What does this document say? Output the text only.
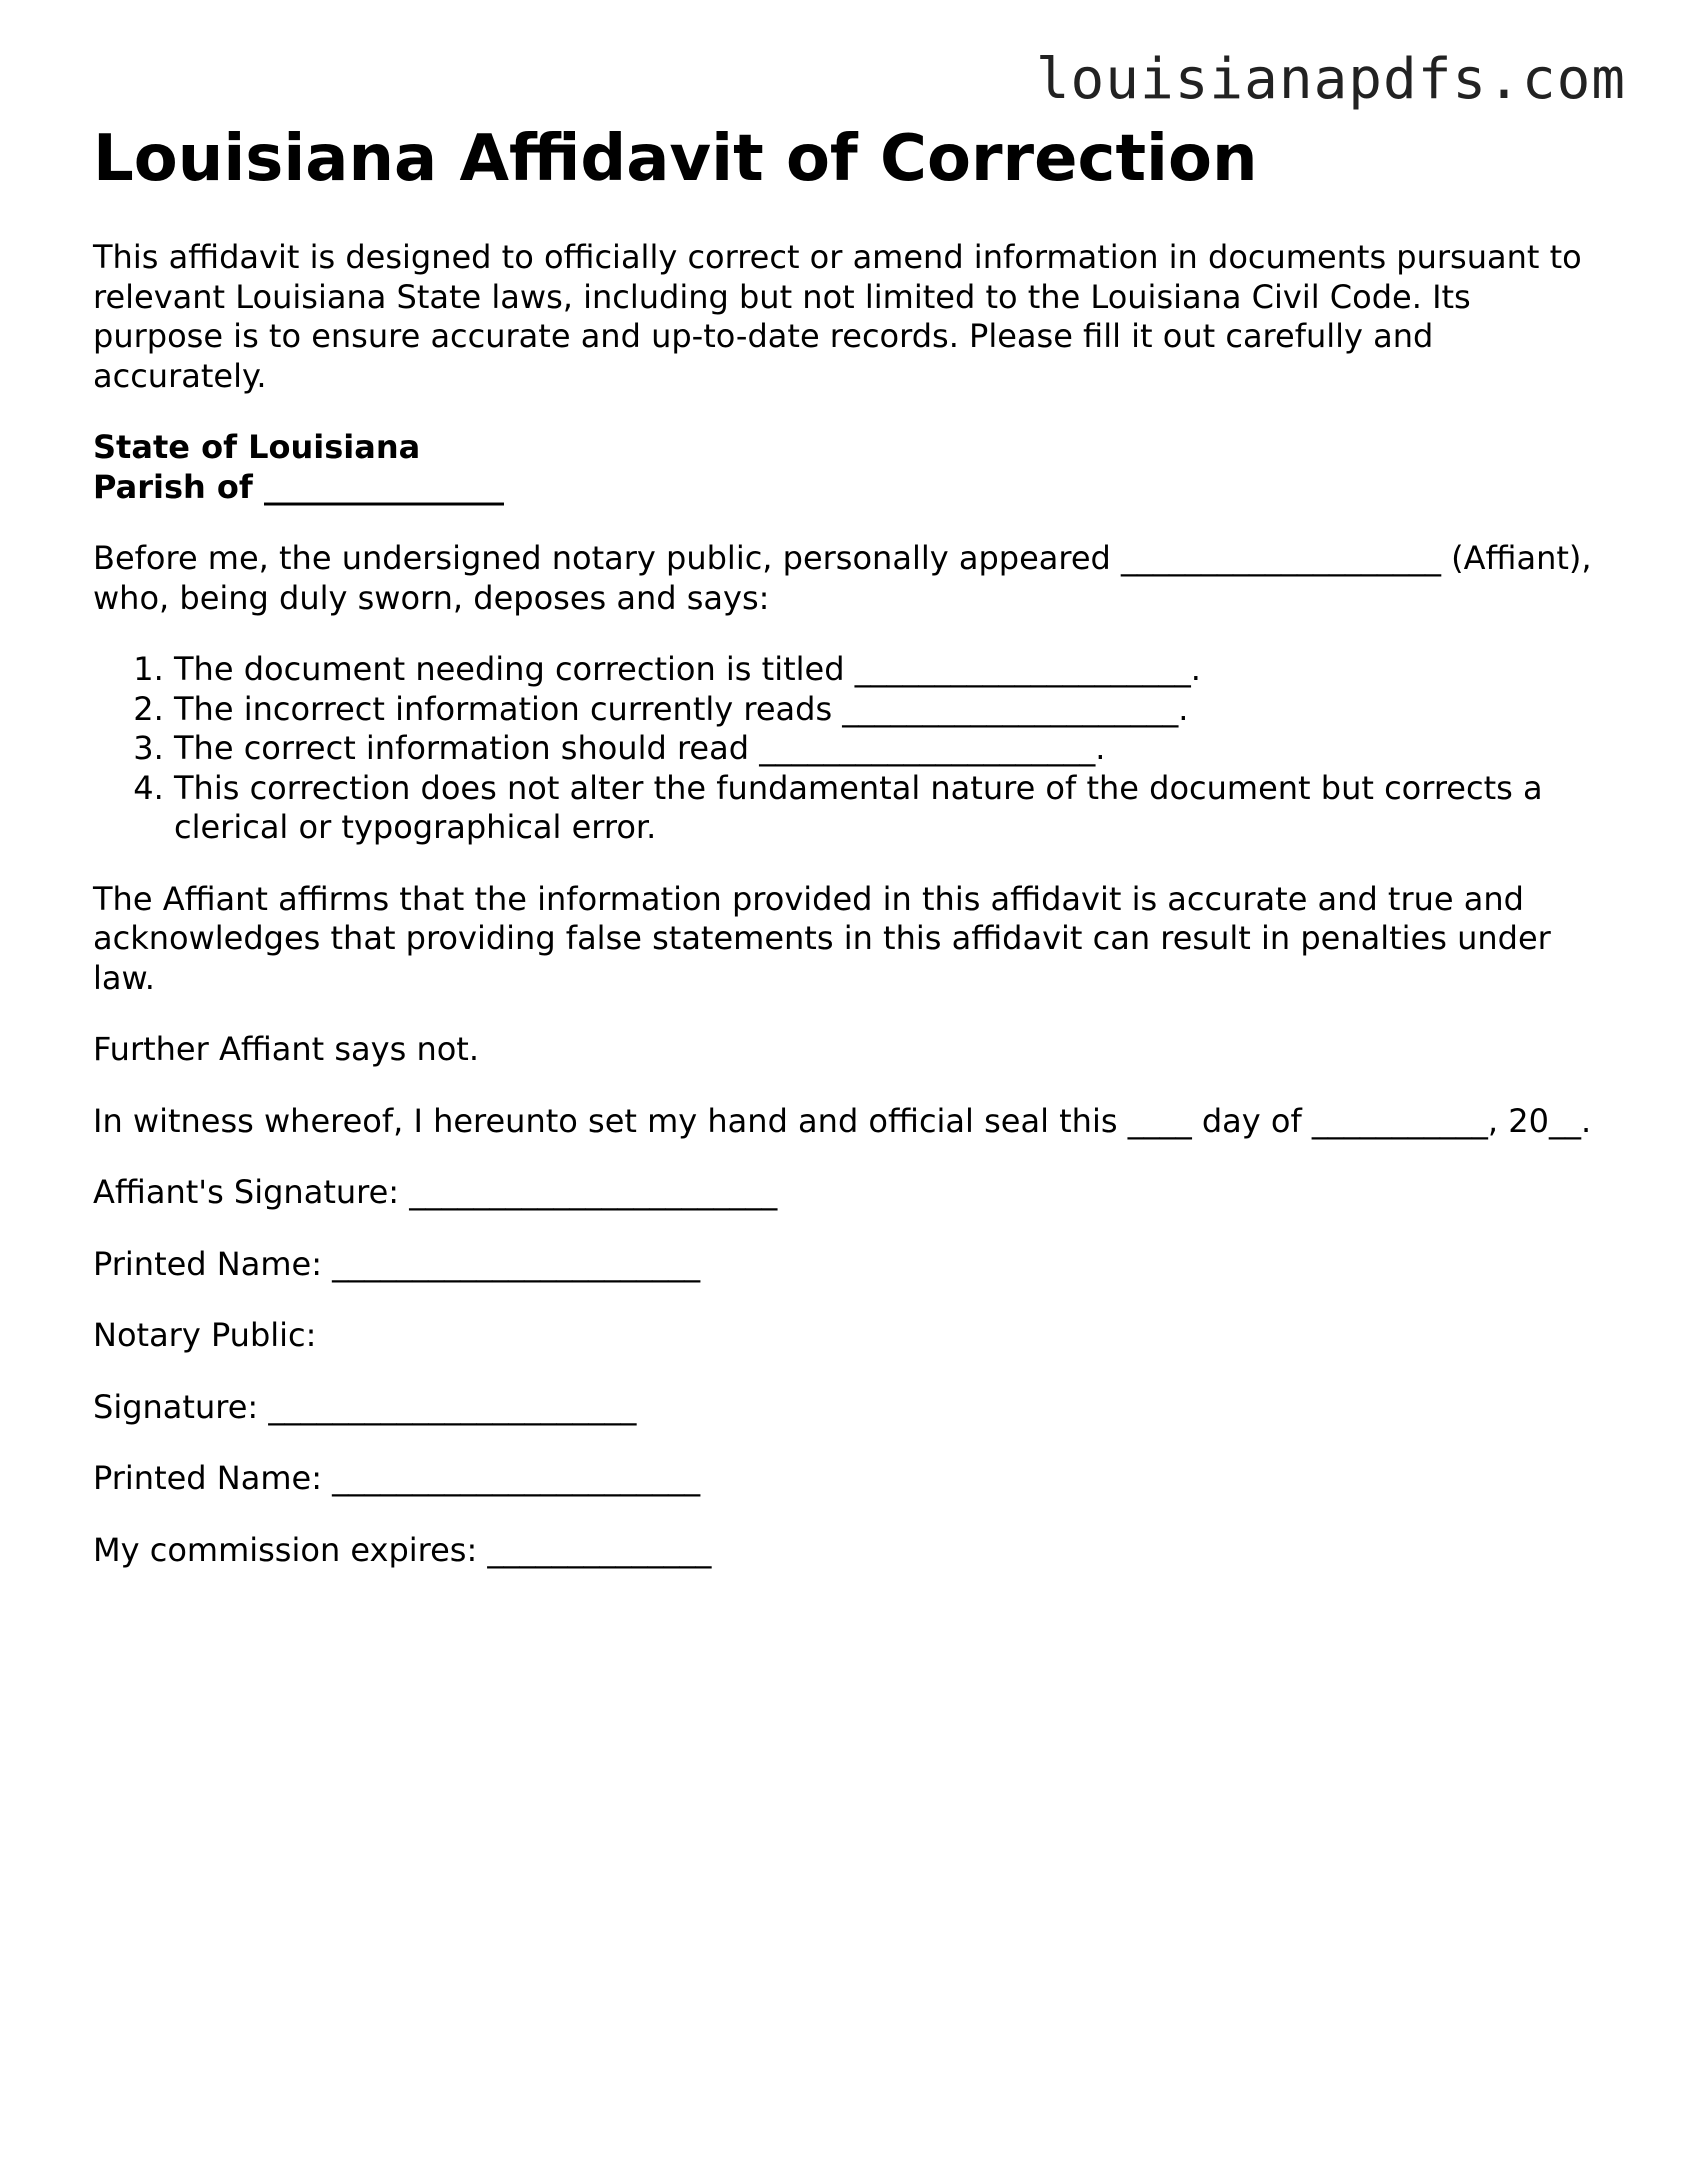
louisianapdfs.com
Louisiana Affidavit of Correction

This affidavit is designed to officially correct or amend information in documents pursuant to relevant Louisiana State laws, including but not limited to the Louisiana Civil Code. Its purpose is to ensure accurate and up-to-date records. Please fill it out carefully and accurately.

State of Louisiana
Parish of _______________

Before me, the undersigned notary public, personally appeared ____________________ (Affiant), who, being duly sworn, deposes and says:

1. The document needing correction is titled _____________________.
2. The incorrect information currently reads _____________________.
3. The correct information should read _____________________.
4. This correction does not alter the fundamental nature of the document but corrects a clerical or typographical error.

The Affiant affirms that the information provided in this affidavit is accurate and true and acknowledges that providing false statements in this affidavit can result in penalties under law.

Further Affiant says not.

In witness whereof, I hereunto set my hand and official seal this ____ day of ___________, 20__.

Affiant's Signature: _______________________

Printed Name: _______________________

Notary Public:

Signature: _______________________

Printed Name: _______________________

My commission expires: ______________
